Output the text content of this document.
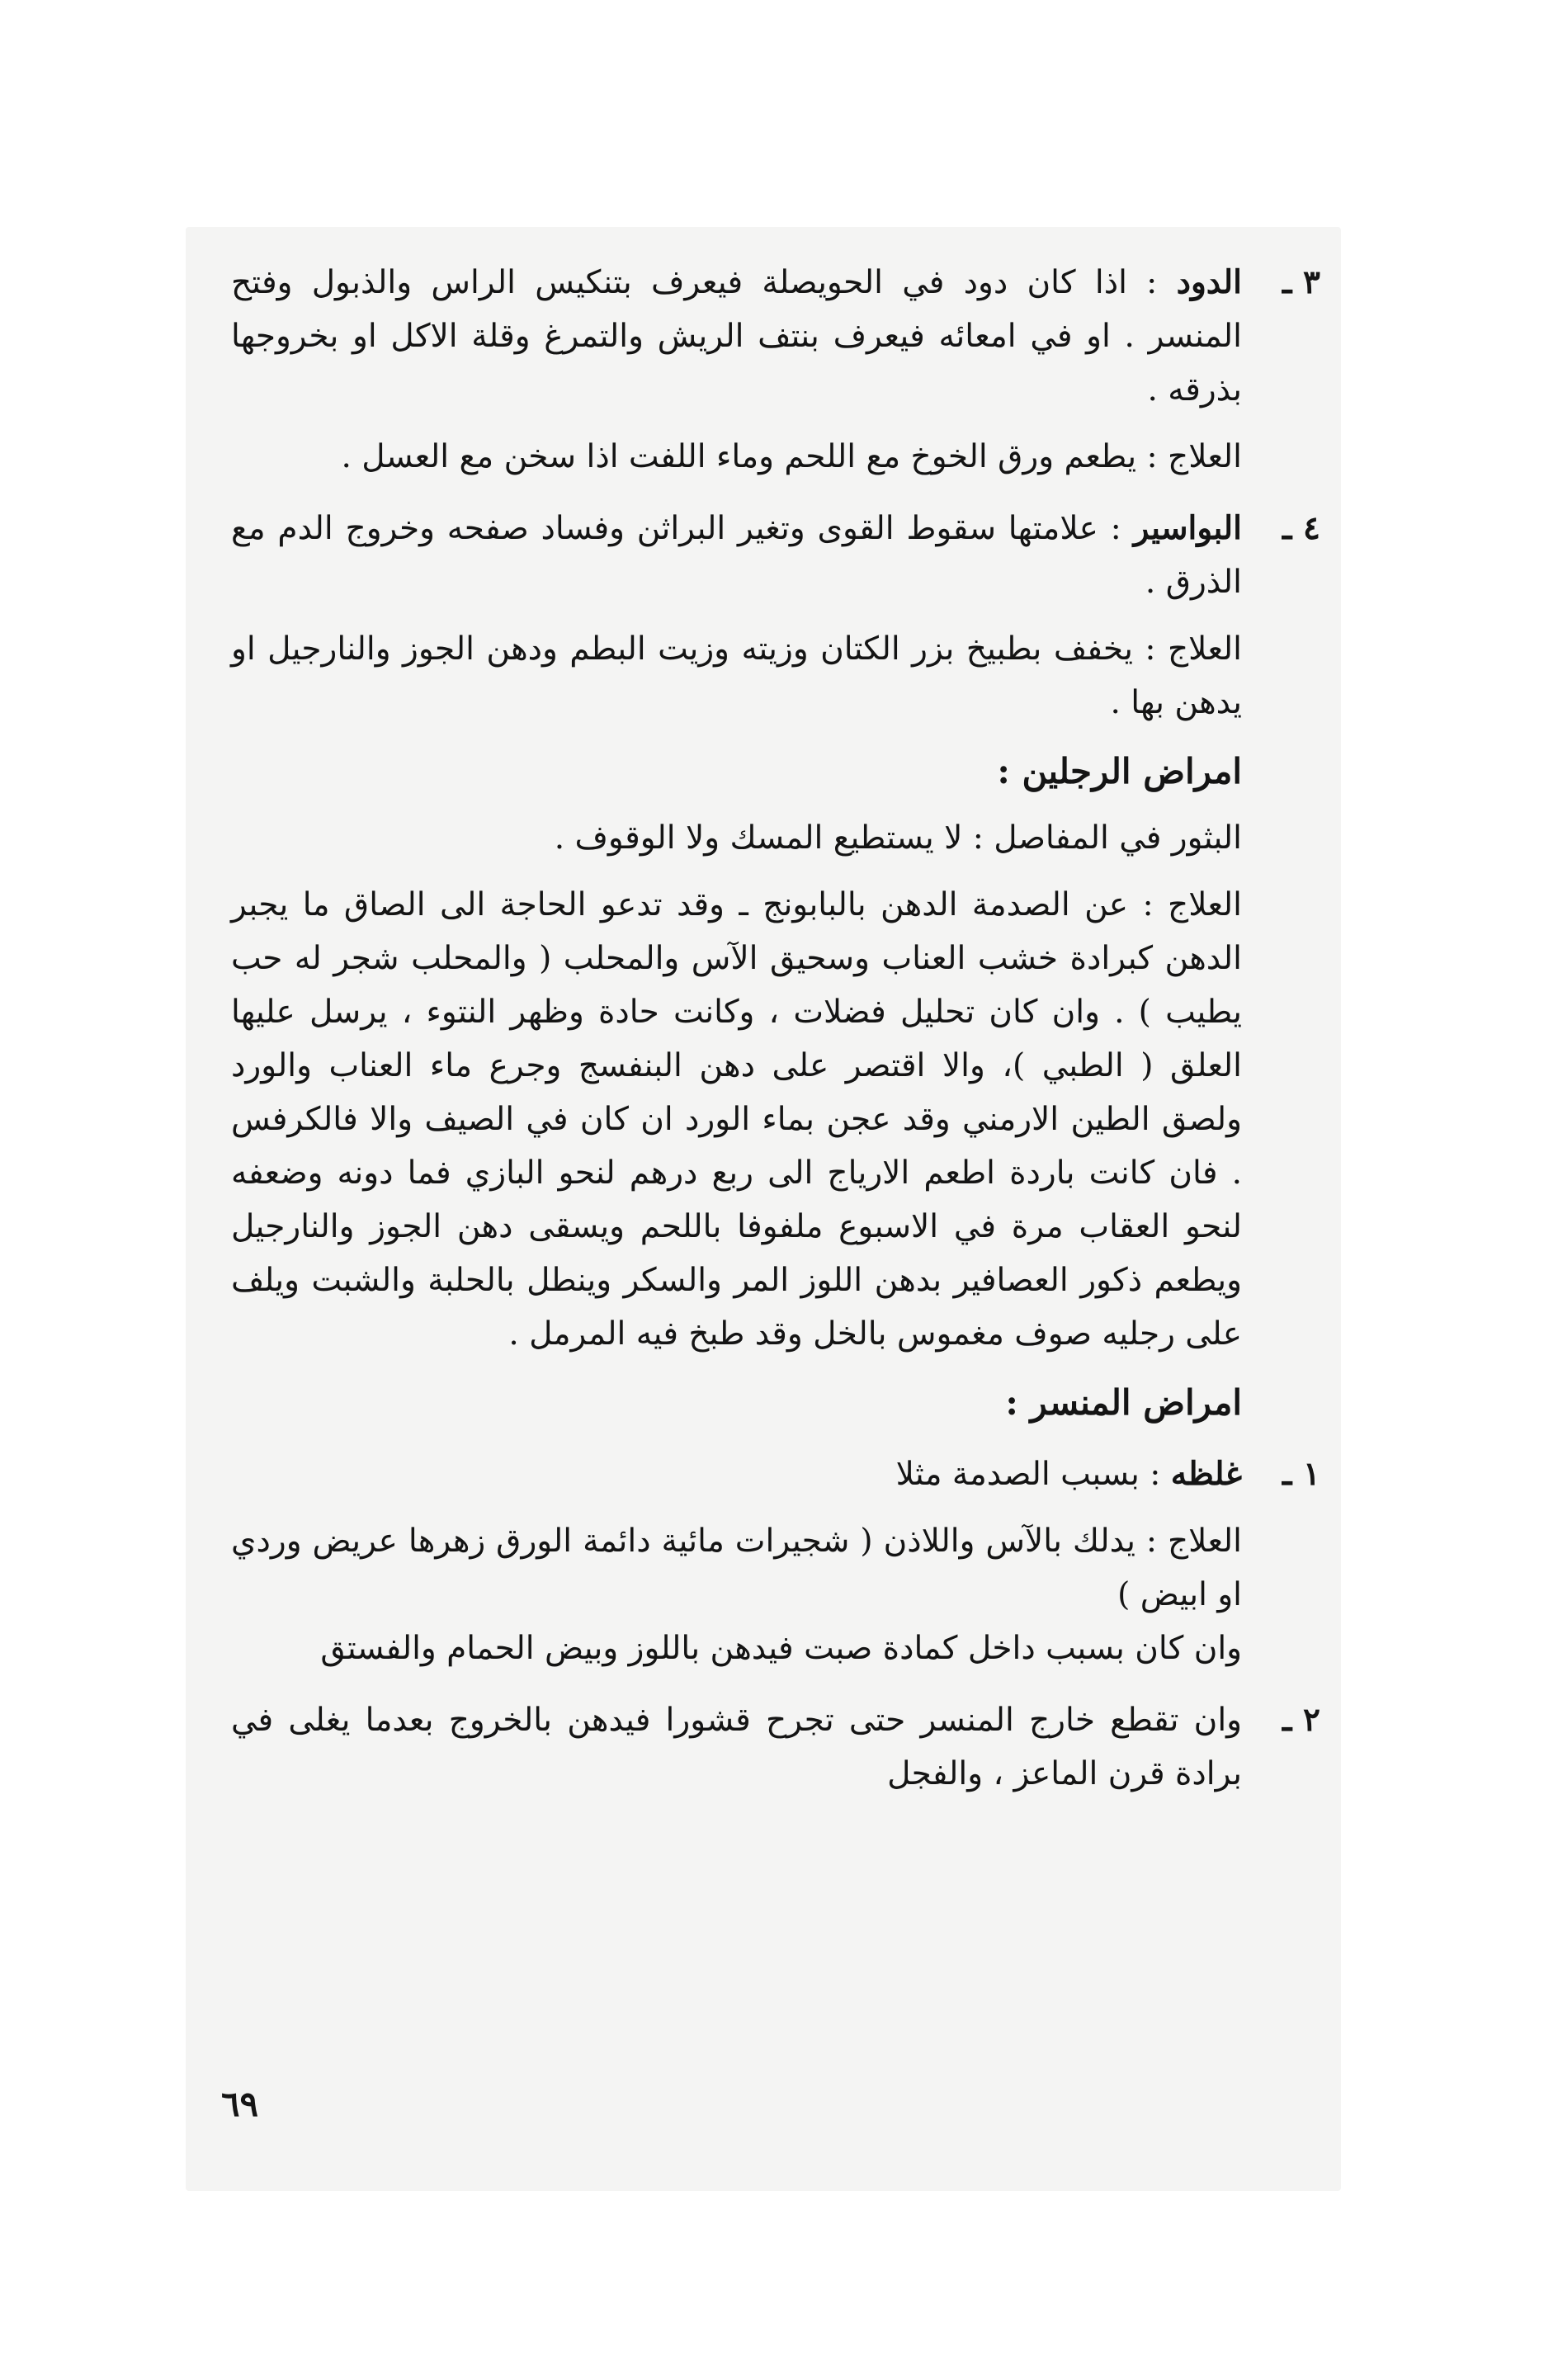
٣ ـ
الدود : اذا كان دود في الحويصلة فيعرف بتنكيس الراس والذبول وفتح المنسر . او في امعائه فيعرف بنتف الريش والتمرغ وقلة الاكل او بخروجها بذرقه .
العلاج : يطعم ورق الخوخ مع اللحم وماء اللفت اذا سخن مع العسل .
٤ ـ
البواسير : علامتها سقوط القوى وتغير البراثن وفساد صفحه وخروج الدم مع الذرق .
العلاج : يخفف بطبيخ بزر الكتان وزيته وزيت البطم ودهن الجوز والنارجيل او يدهن بها .
امراض الرجلين :
البثور في المفاصل : لا يستطيع المسك ولا الوقوف .
العلاج : عن الصدمة الدهن بالبابونج ـ وقد تدعو الحاجة الى الصاق ما يجبر الدهن كبرادة خشب العناب وسحيق الآس والمحلب ( والمحلب شجر له حب يطيب ) . وان كان تحليل فضلات ، وكانت حادة وظهر النتوء ، يرسل عليها العلق ( الطبي )، والا اقتصر على دهن البنفسج وجرع ماء العناب والورد ولصق الطين الارمني وقد عجن بماء الورد ان كان في الصيف والا فالكرفس . فان كانت باردة اطعم الارياج الى ربع درهم لنحو البازي فما دونه وضعفه لنحو العقاب مرة في الاسبوع ملفوفا باللحم ويسقى دهن الجوز والنارجيل ويطعم ذكور العصافير بدهن اللوز المر والسكر وينطل بالحلبة والشبت ويلف على رجليه صوف مغموس بالخل وقد طبخ فيه المرمل .
امراض المنسر :
١ ـ
غلظه : بسبب الصدمة مثلا
العلاج : يدلك بالآس واللاذن ( شجيرات مائية دائمة الورق زهرها عريض وردي او ابيض )
وان كان بسبب داخل كمادة صبت فيدهن باللوز وبيض الحمام والفستق
٢ ـ
وان تقطع خارج المنسر حتى تجرح قشورا فيدهن بالخروج بعدما يغلى في برادة قرن الماعز ، والفجل
٦٩
